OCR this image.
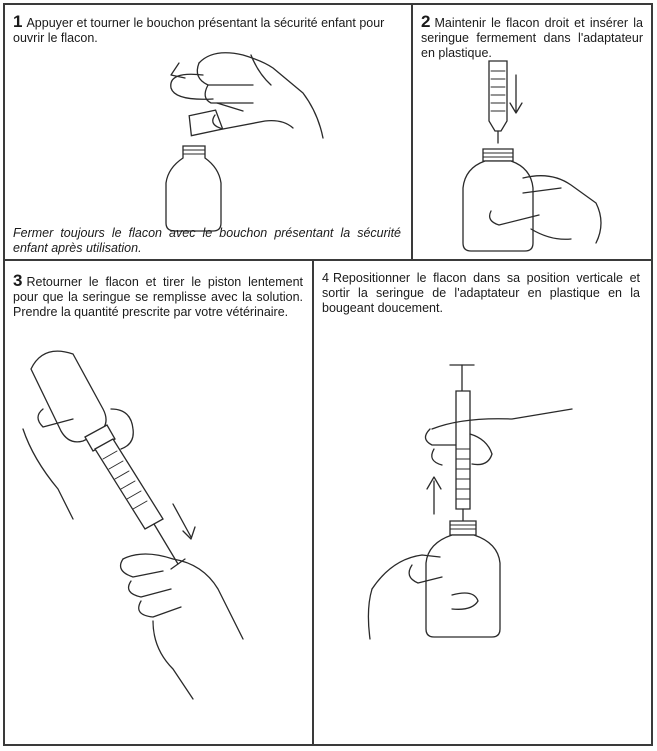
1 Appuyer et tourner le bouchon présentant la sécurité enfant pour ouvrir le flacon.
Fermer toujours le flacon avec le bouchon présentant la sécurité enfant après utilisation.
2 Maintenir le flacon droit et insérer la seringue fermement dans l'adaptateur en plastique.
3 Retourner le flacon et tirer le piston lentement pour que la seringue se remplisse avec la solution. Prendre la quantité prescrite par votre vétérinaire.
4 Repositionner le flacon dans sa position verticale et sortir la seringue de l'adaptateur en plastique en la bougeant doucement.
